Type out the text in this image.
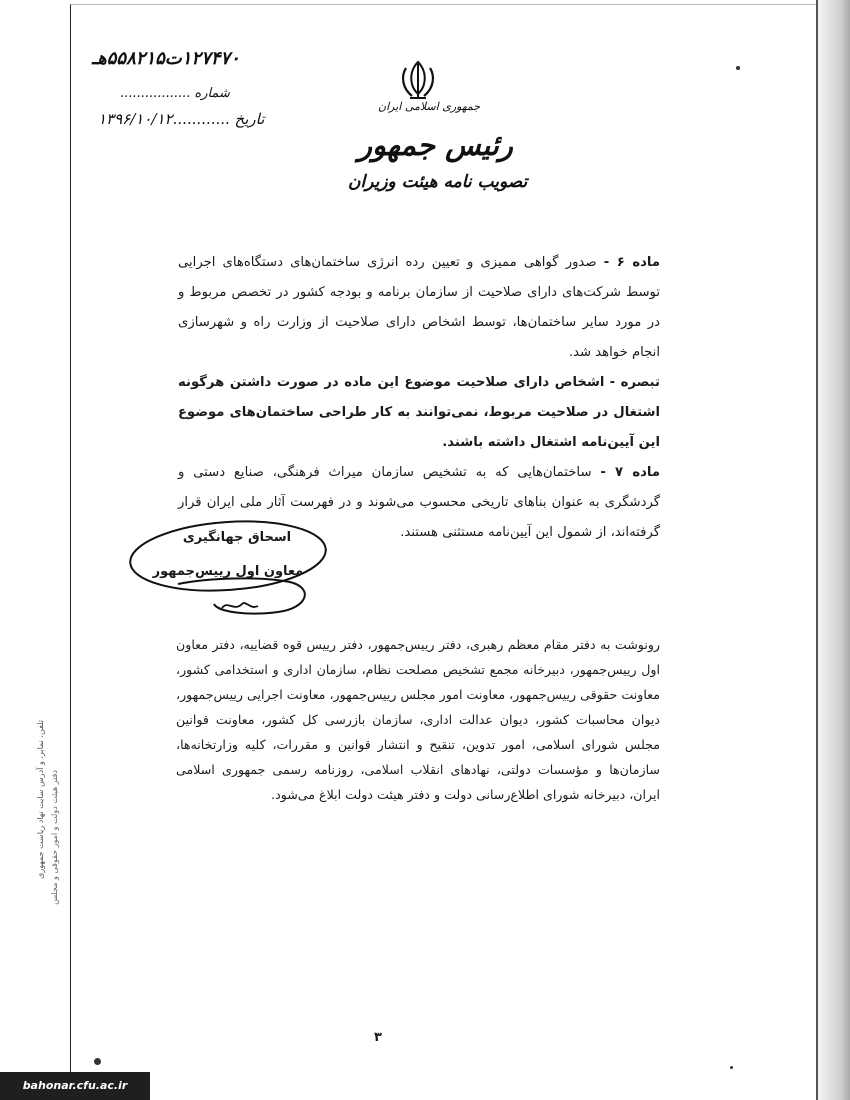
جمهوری اسلامی ایران
رئیس جمهور
تصویب نامه هیئت وزیران
۱۲۷۴۷۰ت۵۵۸۲۱۵هـ
شماره .................
تاریخ ............۱۳۹۶/۱۰/۱۲

ماده ۶ - صدور گواهی ممیزی و تعیین رده انرژی ساختمان‌های دستگاه‌های اجرایی توسط شرکت‌های دارای صلاحیت از سازمان برنامه و بودجه کشور در تخصص مربوط و در مورد سایر ساختمان‌ها، توسط اشخاص دارای صلاحیت از وزارت راه و شهرسازی انجام خواهد شد.

تبصره - اشخاص دارای صلاحیت موضوع این ماده در صورت داشتن هرگونه اشتغال در صلاحیت مربوط، نمی‌توانند به کار طراحی ساختمان‌های موضوع این آیین‌نامه اشتغال داشته باشند.

ماده ۷ - ساختمان‌هایی که به تشخیص سازمان میراث فرهنگی، صنایع دستی و گردشگری به عنوان بناهای تاریخی محسوب می‌شوند و در فهرست آثار ملی ایران قرار گرفته‌اند، از شمول این آیین‌نامه مستثنی هستند.

اسحاق جهانگیری
معاون اول رییس‌جمهور

رونوشت به دفتر مقام معظم رهبری، دفتر رییس‌جمهور، دفتر رییس قوه قضاییه، دفتر معاون اول رییس‌جمهور، دبیرخانه مجمع تشخیص مصلحت نظام، سازمان اداری و استخدامی کشور، معاونت حقوقی رییس‌جمهور، معاونت امور مجلس رییس‌جمهور، معاونت اجرایی رییس‌جمهور، دیوان محاسبات کشور، دیوان عدالت اداری، سازمان بازرسی کل کشور، معاونت قوانین مجلس شورای اسلامی، امور تدوین، تنقیح و انتشار قوانین و مقررات، کلیه وزارتخانه‌ها، سازمان‌ها و مؤسسات دولتی، نهادهای انقلاب اسلامی، روزنامه رسمی جمهوری اسلامی ایران، دبیرخانه شورای اطلاع‌رسانی دولت و دفتر هیئت دولت ابلاغ می‌شود.

تلفن، نمابر، و آدرس سایت نهاد ریاست جمهوری دفتر هیئت دولت و امور حقوقی و مجلس
۳
bahonar.cfu.ac.ir
